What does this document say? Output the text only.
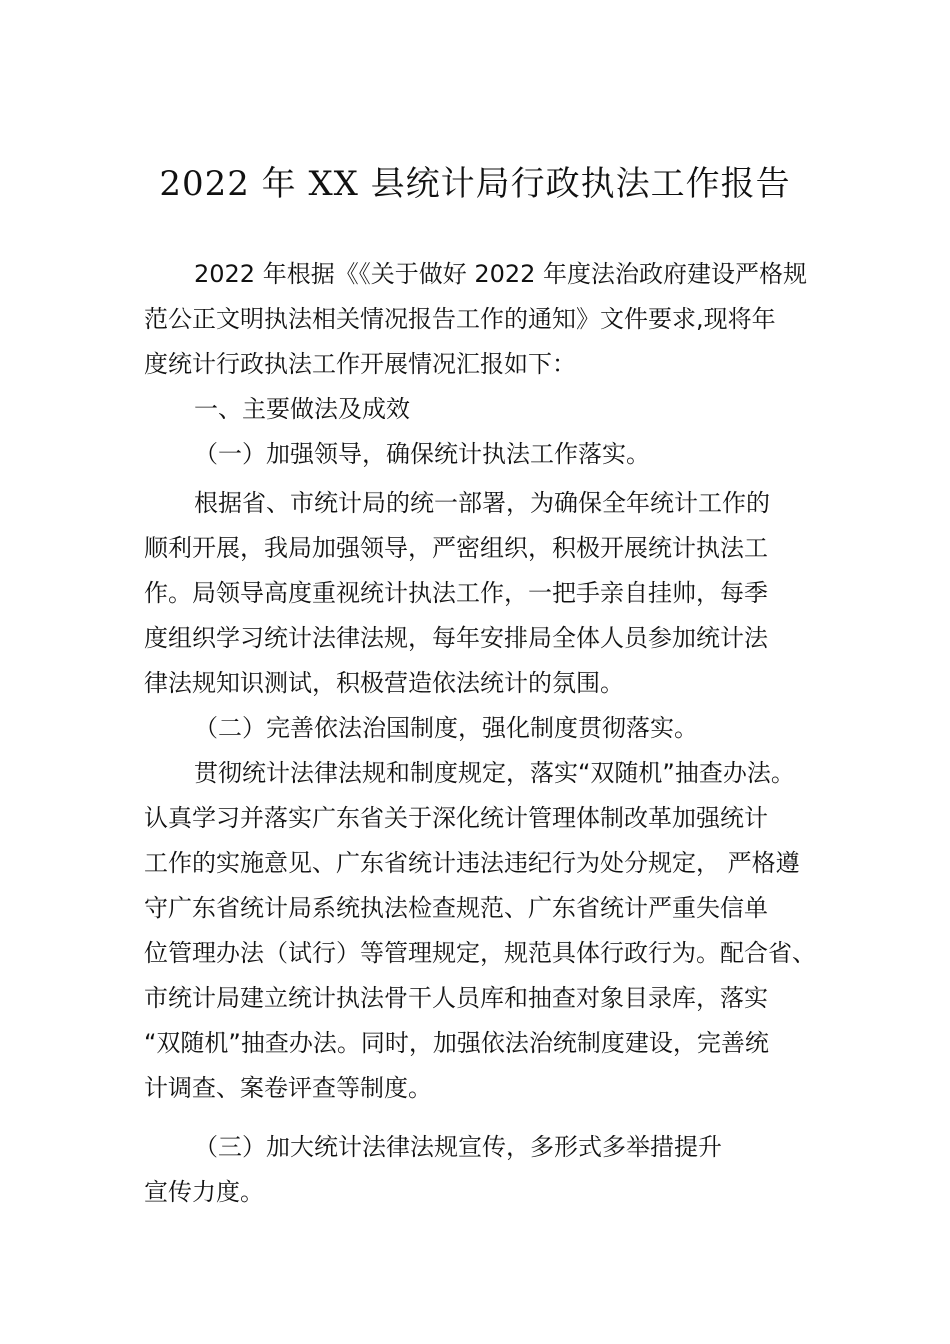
2022 年 XX 县统计局行政执法工作报告

2022 年根据《《关于做好 2022 年度法治政府建设严格规
范公正文明执法相关情况报告工作的通知》文件要求,现将年
度统计行政执法工作开展情况汇报如下：

一、主要做法及成效

（一）加强领导，确保统计执法工作落实。

根据省、市统计局的统一部署，为确保全年统计工作的
顺利开展，我局加强领导，严密组织，积极开展统计执法工
作。局领导高度重视统计执法工作，一把手亲自挂帅，每季
度组织学习统计法律法规，每年安排局全体人员参加统计法
律法规知识测试，积极营造依法统计的氛围。

（二）完善依法治国制度，强化制度贯彻落实。

贯彻统计法律法规和制度规定，落实“双随机”抽查办法。
认真学习并落实广东省关于深化统计管理体制改革加强统计
工作的实施意见、广东省统计违法违纪行为处分规定， 严格遵
守广东省统计局系统执法检查规范、广东省统计严重失信单
位管理办法（试行）等管理规定，规范具体行政行为。配合省、
市统计局建立统计执法骨干人员库和抽查对象目录库，落实
“双随机”抽查办法。同时，加强依法治统制度建设，完善统
计调查、案卷评查等制度。

（三）加大统计法律法规宣传，多形式多举措提升
宣传力度。
